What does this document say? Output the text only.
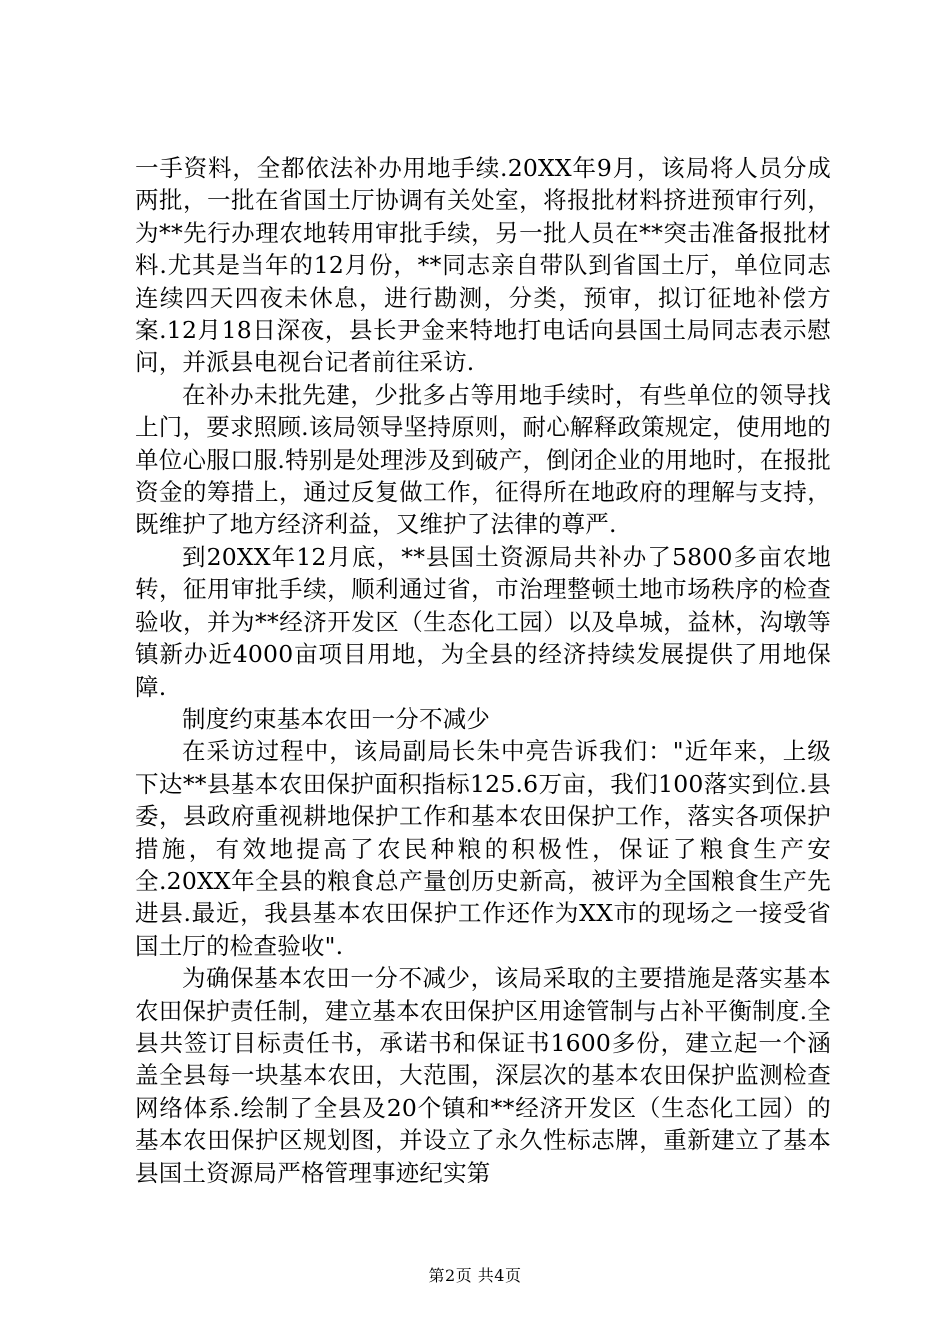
一手资料，全都依法补办用地手续.20XX年9月，该局将人员分成两批，一批在省国土厅协调有关处室，将报批材料挤进预审行列，为**先行办理农地转用审批手续，另一批人员在**突击准备报批材料.尤其是当年的12月份，**同志亲自带队到省国土厅，单位同志连续四天四夜未休息，进行勘测，分类，预审，拟订征地补偿方案.12月18日深夜，县长尹金来特地打电话向县国土局同志表示慰问，并派县电视台记者前往采访.

在补办未批先建，少批多占等用地手续时，有些单位的领导找上门，要求照顾.该局领导坚持原则，耐心解释政策规定，使用地的单位心服口服.特别是处理涉及到破产，倒闭企业的用地时，在报批资金的筹措上，通过反复做工作，征得所在地政府的理解与支持，既维护了地方经济利益，又维护了法律的尊严.

到20XX年12月底，**县国土资源局共补办了5800多亩农地转，征用审批手续，顺利通过省，市治理整顿土地市场秩序的检查验收，并为**经济开发区（生态化工园）以及阜城，益林，沟墩等镇新办近4000亩项目用地，为全县的经济持续发展提供了用地保障.

制度约束基本农田一分不减少

在采访过程中，该局副局长朱中亮告诉我们："近年来，上级下达**县基本农田保护面积指标125.6万亩，我们100落实到位.县委，县政府重视耕地保护工作和基本农田保护工作，落实各项保护措施，有效地提高了农民种粮的积极性，保证了粮食生产安全.20XX年全县的粮食总产量创历史新高，被评为全国粮食生产先进县.最近，我县基本农田保护工作还作为XX市的现场之一接受省国土厅的检查验收".

为确保基本农田一分不减少，该局采取的主要措施是落实基本农田保护责任制，建立基本农田保护区用途管制与占补平衡制度.全县共签订目标责任书，承诺书和保证书1600多份，建立起一个涵盖全县每一块基本农田，大范围，深层次的基本农田保护监测检查网络体系.绘制了全县及20个镇和**经济开发区（生态化工园）的基本农田保护区规划图，并设立了永久性标志牌，重新建立了基本县国土资源局严格管理事迹纪实第

第2页 共4页
